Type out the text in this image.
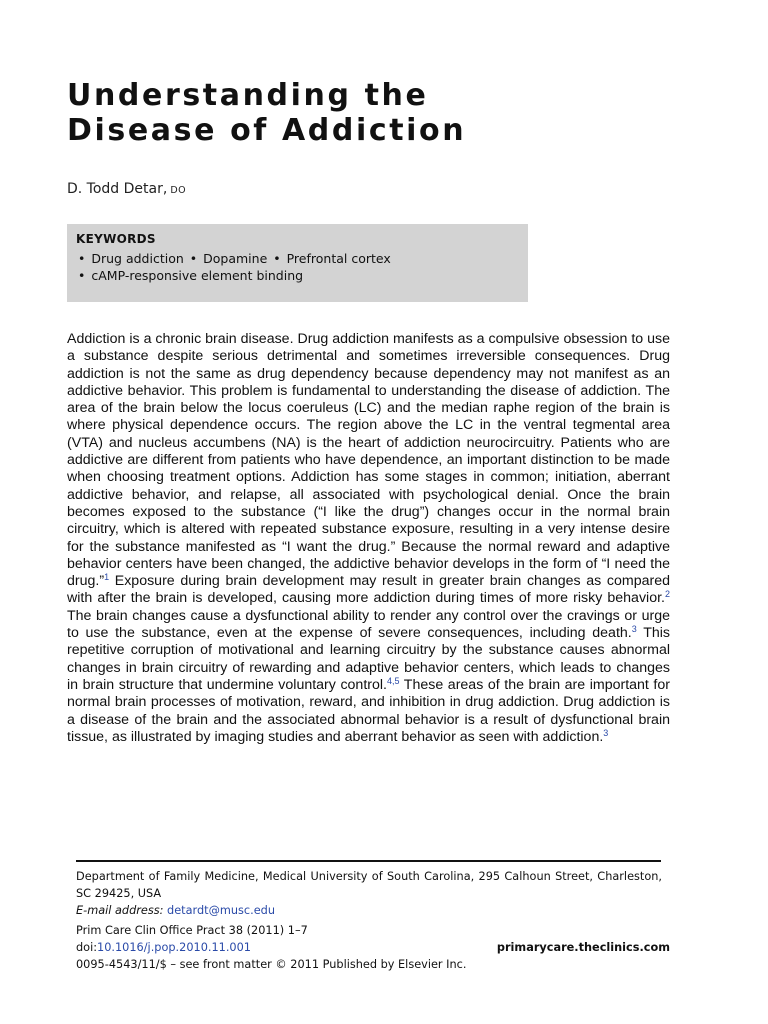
Understanding the
Disease of Addiction
D. Todd Detar, DO
KEYWORDS
• Drug addiction • Dopamine • Prefrontal cortex
• cAMP-responsive element binding

Addiction is a chronic brain disease. Drug addiction manifests as a compulsive obsession to use a substance despite serious detrimental and sometimes irreversible consequences. Drug addiction is not the same as drug dependency because dependency may not manifest as an addictive behavior. This problem is fundamental to understanding the disease of addiction. The area of the brain below the locus coeruleus (LC) and the median raphe region of the brain is where physical dependence occurs. The region above the LC in the ventral tegmental area (VTA) and nucleus accumbens (NA) is the heart of addiction neurocircuitry. Patients who are addictive are different from patients who have dependence, an important distinction to be made when choosing treatment options. Addiction has some stages in common; initiation, aberrant addictive behavior, and relapse, all associated with psychological denial. Once the brain becomes exposed to the substance (“I like the drug”) changes occur in the normal brain circuitry, which is altered with repeated substance exposure, resulting in a very intense desire for the substance manifested as “I want the drug.” Because the normal reward and adaptive behavior centers have been changed, the addictive behavior develops in the form of “I need the drug.”$^1$ Exposure during brain development may result in greater brain changes as compared with after the brain is developed, causing more addiction during times of more risky behavior.$^2$ The brain changes cause a dysfunctional ability to render any control over the cravings or urge to use the substance, even at the expense of severe consequences, including death.$^3$ This repetitive corruption of motivational and learning circuitry by the substance causes abnormal changes in brain circuitry of rewarding and adaptive behavior centers, which leads to changes in brain structure that undermine voluntary control.$^{4,5}$ These areas of the brain are important for normal brain processes of motivation, reward, and inhibition in drug addiction. Drug addiction is a disease of the brain and the associated abnormal behavior is a result of dysfunctional brain tissue, as illustrated by imaging studies and aberrant behavior as seen with addiction.$^3$

Department of Family Medicine, Medical University of South Carolina, 295 Calhoun Street, Charleston, SC 29425, USA
E-mail address: detardt@musc.edu
Prim Care Clin Office Pract 38 (2011) 1–7
doi:10.1016/j.pop.2010.11.001	primarycare.theclinics.com
0095-4543/11/$ – see front matter © 2011 Published by Elsevier Inc.
